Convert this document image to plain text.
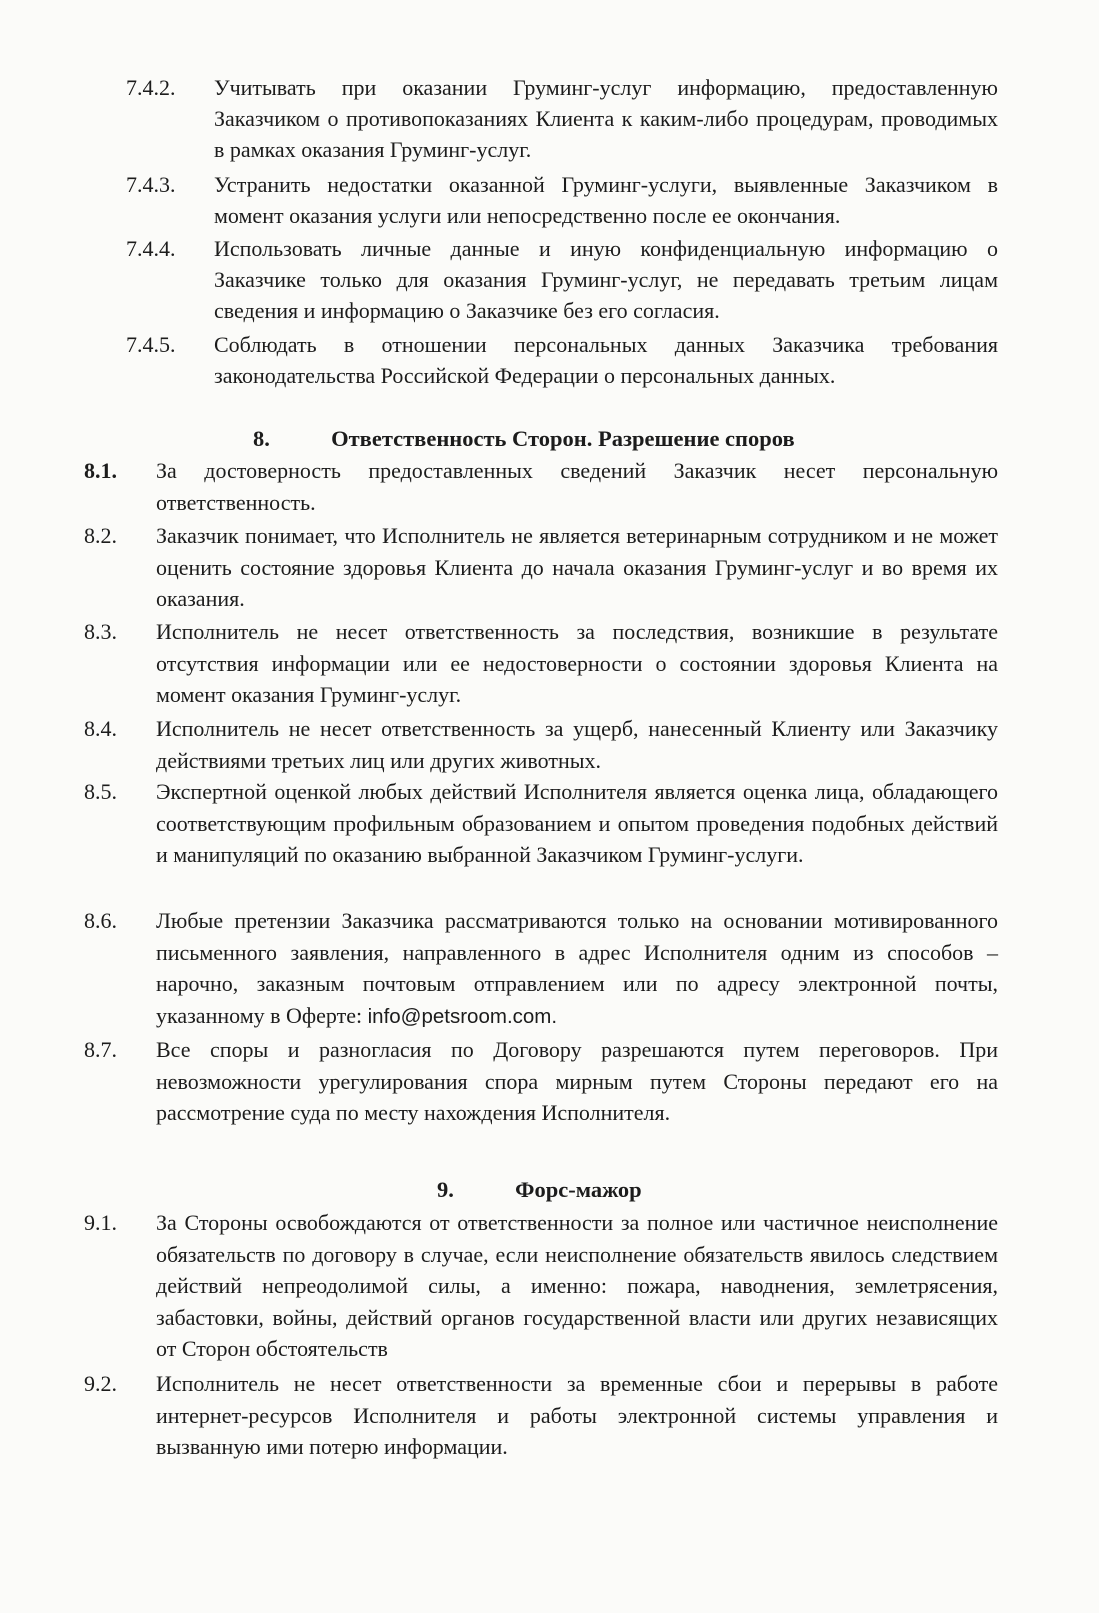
7.4.2.	Учитывать при оказании Груминг-услуг информацию, предоставленную Заказчиком о противопоказаниях Клиента к каким-либо процедурам, проводимых в рамках оказания Груминг-услуг.
7.4.3.	Устранить недостатки оказанной Груминг-услуги, выявленные Заказчиком в момент оказания услуги или непосредственно после ее окончания.
7.4.4.	Использовать личные данные и иную конфиденциальную информацию о Заказчике только для оказания Груминг-услуг, не передавать третьим лицам сведения и информацию о Заказчике без его согласия.
7.4.5.	Соблюдать в отношении персональных данных Заказчика требования законодательства Российской Федерации о персональных данных.
8.	Ответственность Сторон. Разрешение споров
8.1.	За достоверность предоставленных сведений Заказчик несет персональную ответственность.
8.2.	Заказчик понимает, что Исполнитель не является ветеринарным сотрудником и не может оценить состояние здоровья Клиента до начала оказания Груминг-услуг и во время их оказания.
8.3.	Исполнитель не несет ответственность за последствия, возникшие в результате отсутствия информации или ее недостоверности о состоянии здоровья Клиента на момент оказания Груминг-услуг.
8.4.	Исполнитель не несет ответственность за ущерб, нанесенный Клиенту или Заказчику действиями третьих лиц или других животных.
8.5.	Экспертной оценкой любых действий Исполнителя является оценка лица, обладающего соответствующим профильным образованием и опытом проведения подобных действий и манипуляций по оказанию выбранной Заказчиком Груминг-услуги.
8.6.	Любые претензии Заказчика рассматриваются только на основании мотивированного письменного заявления, направленного в адрес Исполнителя одним из способов – нарочно, заказным почтовым отправлением или по адресу электронной почты, указанному в Оферте: info@petsroom.com.
8.7.	Все споры и разногласия по Договору разрешаются путем переговоров. При невозможности урегулирования спора мирным путем Стороны передают его на рассмотрение суда по месту нахождения Исполнителя.
9.	Форс-мажор
9.1.	За Стороны освобождаются от ответственности за полное или частичное неисполнение обязательств по договору в случае, если неисполнение обязательств явилось следствием действий непреодолимой силы, а именно: пожара, наводнения, землетрясения, забастовки, войны, действий органов государственной власти или других независящих от Сторон обстоятельств
9.2.	Исполнитель не несет ответственности за временные сбои и перерывы в работе интернет-ресурсов Исполнителя и работы электронной системы управления и вызванную ими потерю информации.
